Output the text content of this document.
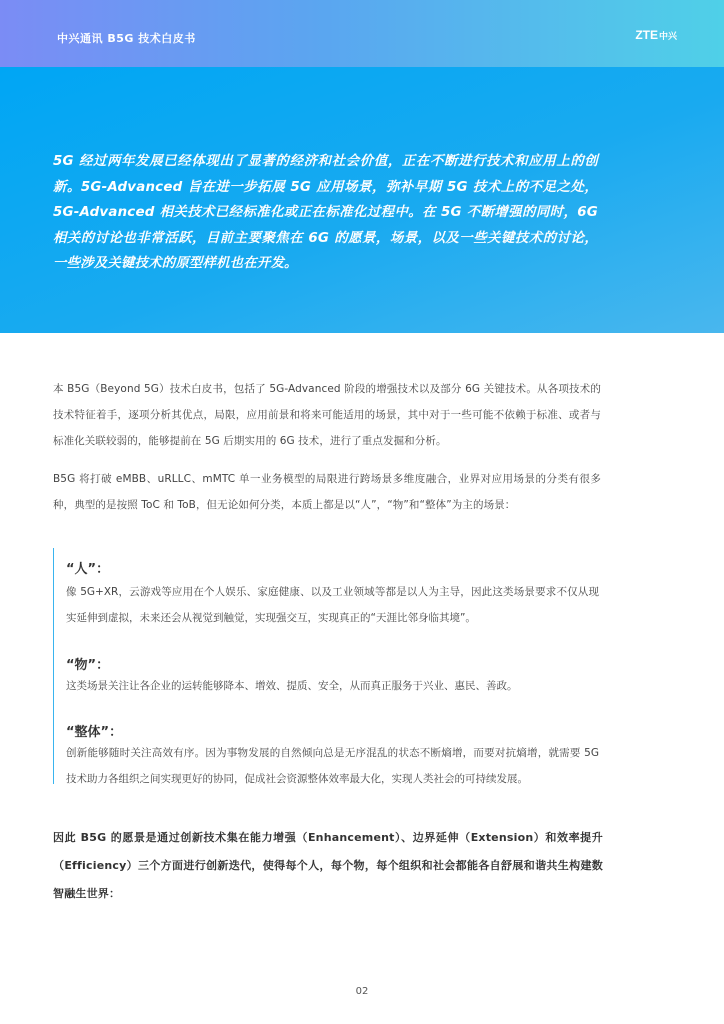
中兴通讯 B5G 技术白皮书	ZTE中兴
5G 经过两年发展已经体现出了显著的经济和社会价值，正在不断进行技术和应用上的创新。5G-Advanced 旨在进一步拓展 5G 应用场景，弥补早期 5G 技术上的不足之处，5G-Advanced 相关技术已经标准化或正在标准化过程中。在 5G 不断增强的同时，6G 相关的讨论也非常活跃，目前主要聚焦在 6G 的愿景，场景，以及一些关键技术的讨论，一些涉及关键技术的原型样机也在开发。
本 B5G（Beyond 5G）技术白皮书，包括了 5G-Advanced 阶段的增强技术以及部分 6G 关键技术。从各项技术的技术特征着手，逐项分析其优点，局限，应用前景和将来可能适用的场景，其中对于一些可能不依赖于标准、或者与标准化关联较弱的，能够提前在 5G 后期实用的 6G 技术，进行了重点发掘和分析。
B5G 将打破 eMBB、uRLLC、mMTC 单一业务模型的局限进行跨场景多维度融合，业界对应用场景的分类有很多种，典型的是按照 ToC 和 ToB，但无论如何分类，本质上都是以“人”，“物”和“整体”为主的场景：
“人”：
像 5G+XR，云游戏等应用在个人娱乐、家庭健康、以及工业领域等都是以人为主导，因此这类场景要求不仅从现实延伸到虚拟，未来还会从视觉到触觉，实现强交互，实现真正的“天涯比邻身临其境”。
“物”：
这类场景关注让各企业的运转能够降本、增效、提质、安全，从而真正服务于兴业、惠民、善政。
“整体”：
创新能够随时关注高效有序。因为事物发展的自然倾向总是无序混乱的状态不断熵增，而要对抗熵增，就需要 5G 技术助力各组织之间实现更好的协同，促成社会资源整体效率最大化，实现人类社会的可持续发展。
因此 B5G 的愿景是通过创新技术集在能力增强（Enhancement）、边界延伸（Extension）和效率提升（Efficiency）三个方面进行创新迭代，使得每个人，每个物，每个组织和社会都能各自舒展和谐共生构建数智融生世界：
02
